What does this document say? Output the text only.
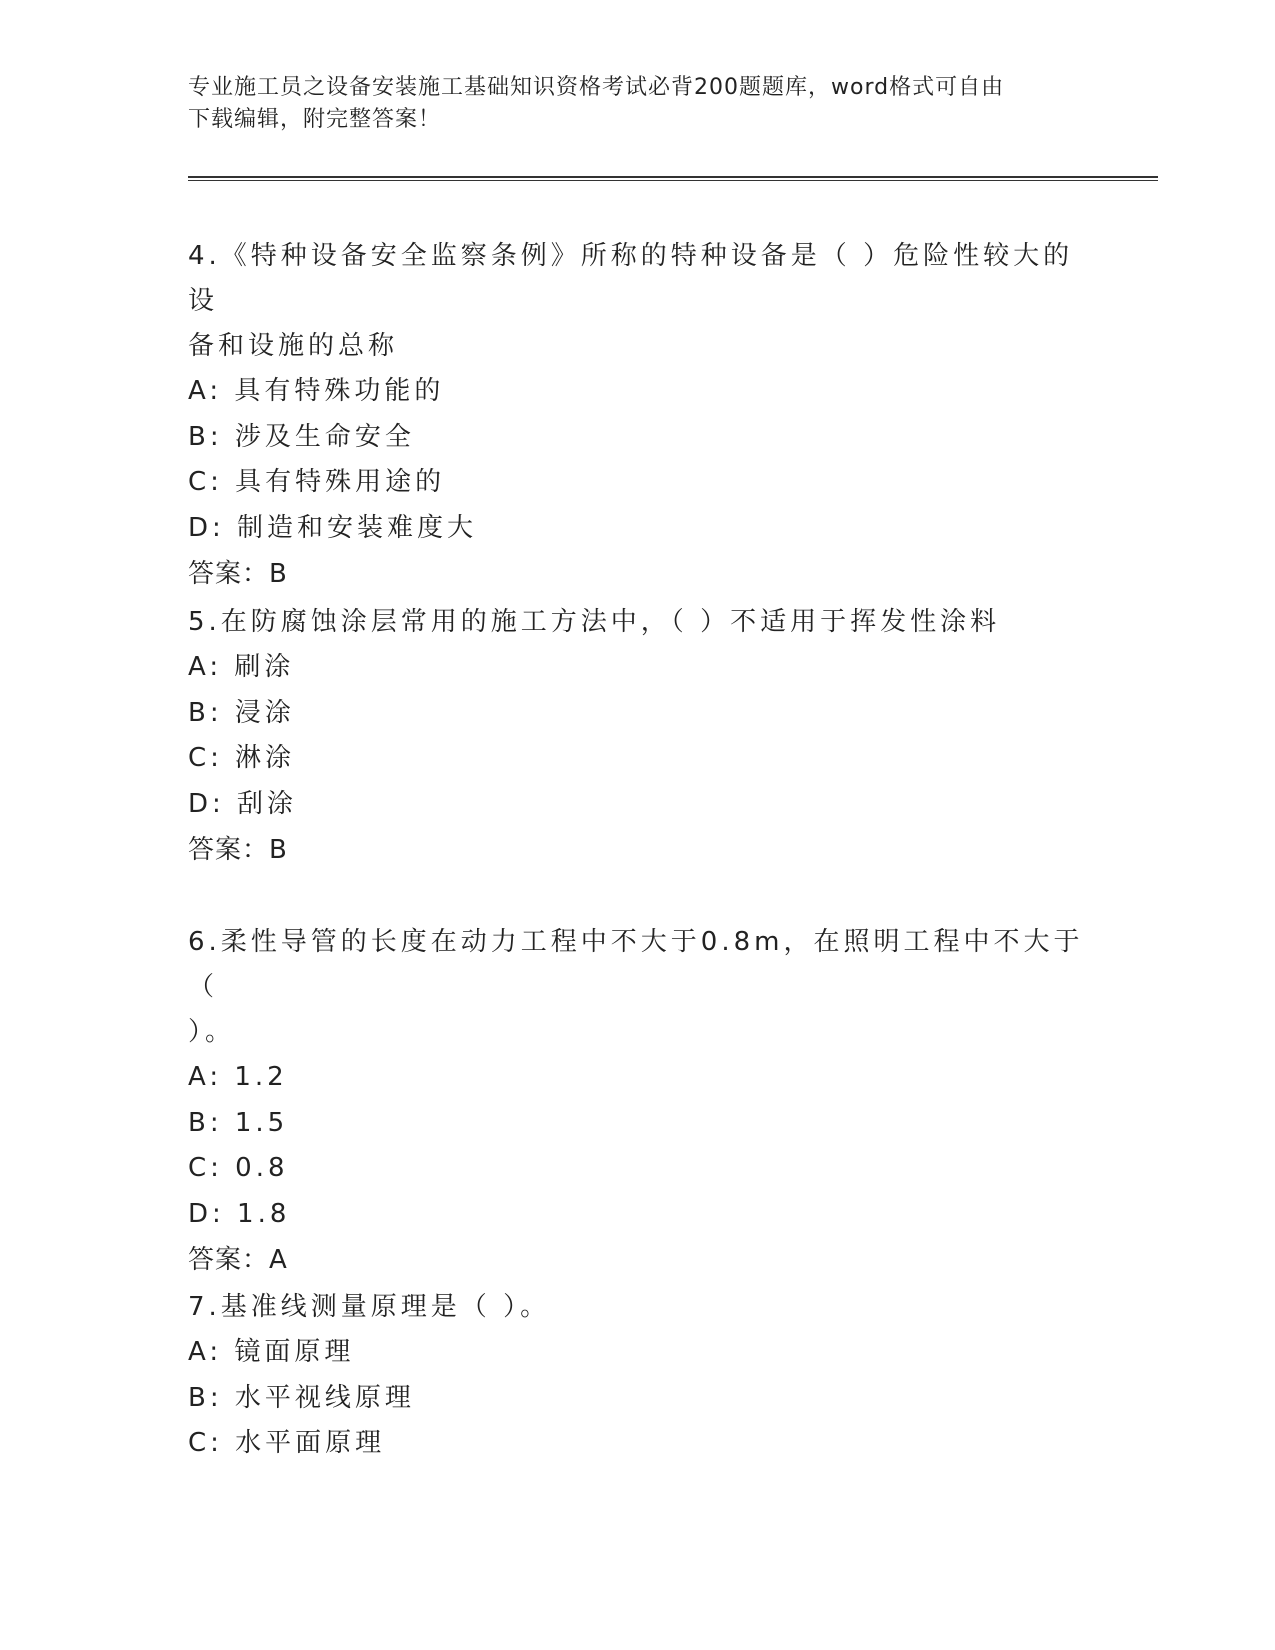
专业施工员之设备安装施工基础知识资格考试必背200题题库，word格式可自由
下载编辑，附完整答案！

4.《特种设备安全监察条例》所称的特种设备是（ ）危险性较大的设

备和设施的总称

A: 具有特殊功能的

B: 涉及生命安全

C: 具有特殊用途的

D: 制造和安装难度大

答案：B

5.在防腐蚀涂层常用的施工方法中，（ ）不适用于挥发性涂料

A: 刷涂

B: 浸涂

C: 淋涂

D: 刮涂

答案：B

6.柔性导管的长度在动力工程中不大于0.8m，在照明工程中不大于（

）。

A: 1.2

B: 1.5

C: 0.8

D: 1.8

答案：A

7.基准线测量原理是（ ）。

A: 镜面原理

B: 水平视线原理

C: 水平面原理
